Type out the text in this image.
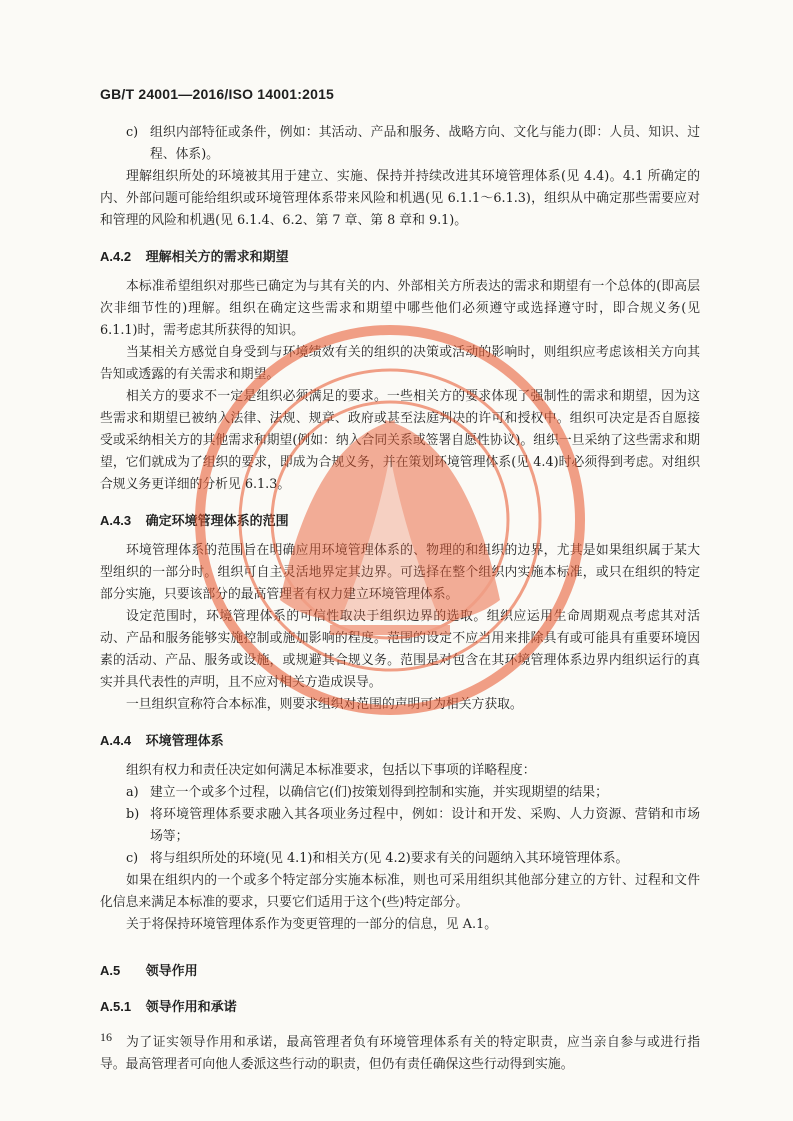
GB/T 24001—2016/ISO 14001:2015
c) 组织内部特征或条件，例如：其活动、产品和服务、战略方向、文化与能力(即：人员、知识、过程、体系)。

理解组织所处的环境被其用于建立、实施、保持并持续改进其环境管理体系(见 4.4)。4.1 所确定的内、外部问题可能给组织或环境管理体系带来风险和机遇(见 6.1.1～6.1.3)，组织从中确定那些需要应对和管理的风险和机遇(见 6.1.4、6.2、第 7 章、第 8 章和 9.1)。

A.4.2 理解相关方的需求和期望

本标准希望组织对那些已确定为与其有关的内、外部相关方所表达的需求和期望有一个总体的(即高层次非细节性的)理解。组织在确定这些需求和期望中哪些他们必须遵守或选择遵守时，即合规义务(见 6.1.1)时，需考虑其所获得的知识。

当某相关方感觉自身受到与环境绩效有关的组织的决策或活动的影响时，则组织应考虑该相关方向其告知或透露的有关需求和期望。

相关方的要求不一定是组织必须满足的要求。一些相关方的要求体现了强制性的需求和期望，因为这些需求和期望已被纳入法律、法规、规章、政府或甚至法庭判决的许可和授权中。组织可决定是否自愿接受或采纳相关方的其他需求和期望(例如：纳入合同关系或签署自愿性协议)。组织一旦采纳了这些需求和期望，它们就成为了组织的要求，即成为合规义务，并在策划环境管理体系(见 4.4)时必须得到考虑。对组织合规义务更详细的分析见 6.1.3。

A.4.3 确定环境管理体系的范围

环境管理体系的范围旨在明确应用环境管理体系的、物理的和组织的边界，尤其是如果组织属于某大型组织的一部分时。组织可自主灵活地界定其边界。可选择在整个组织内实施本标准，或只在组织的特定部分实施，只要该部分的最高管理者有权力建立环境管理体系。

设定范围时，环境管理体系的可信性取决于组织边界的选取。组织应运用生命周期观点考虑其对活动、产品和服务能够实施控制或施加影响的程度。范围的设定不应当用来排除具有或可能具有重要环境因素的活动、产品、服务或设施，或规避其合规义务。范围是对包含在其环境管理体系边界内组织运行的真实并具代表性的声明，且不应对相关方造成误导。

一旦组织宣称符合本标准，则要求组织对范围的声明可为相关方获取。

A.4.4 环境管理体系

组织有权力和责任决定如何满足本标准要求，包括以下事项的详略程度：

a) 建立一个或多个过程，以确信它(们)按策划得到控制和实施，并实现期望的结果；
b) 将环境管理体系要求融入其各项业务过程中，例如：设计和开发、采购、人力资源、营销和市场场等；
c) 将与组织所处的环境(见 4.1)和相关方(见 4.2)要求有关的问题纳入其环境管理体系。

如果在组织内的一个或多个特定部分实施本标准，则也可采用组织其他部分建立的方针、过程和文件化信息来满足本标准的要求，只要它们适用于这个(些)特定部分。

关于将保持环境管理体系作为变更管理的一部分的信息，见 A.1。

A.5 领导作用
A.5.1 领导作用和承诺

为了证实领导作用和承诺，最高管理者负有环境管理体系有关的特定职责，应当亲自参与或进行指导。最高管理者可向他人委派这些行动的职责，但仍有责任确保这些行动得到实施。

16
